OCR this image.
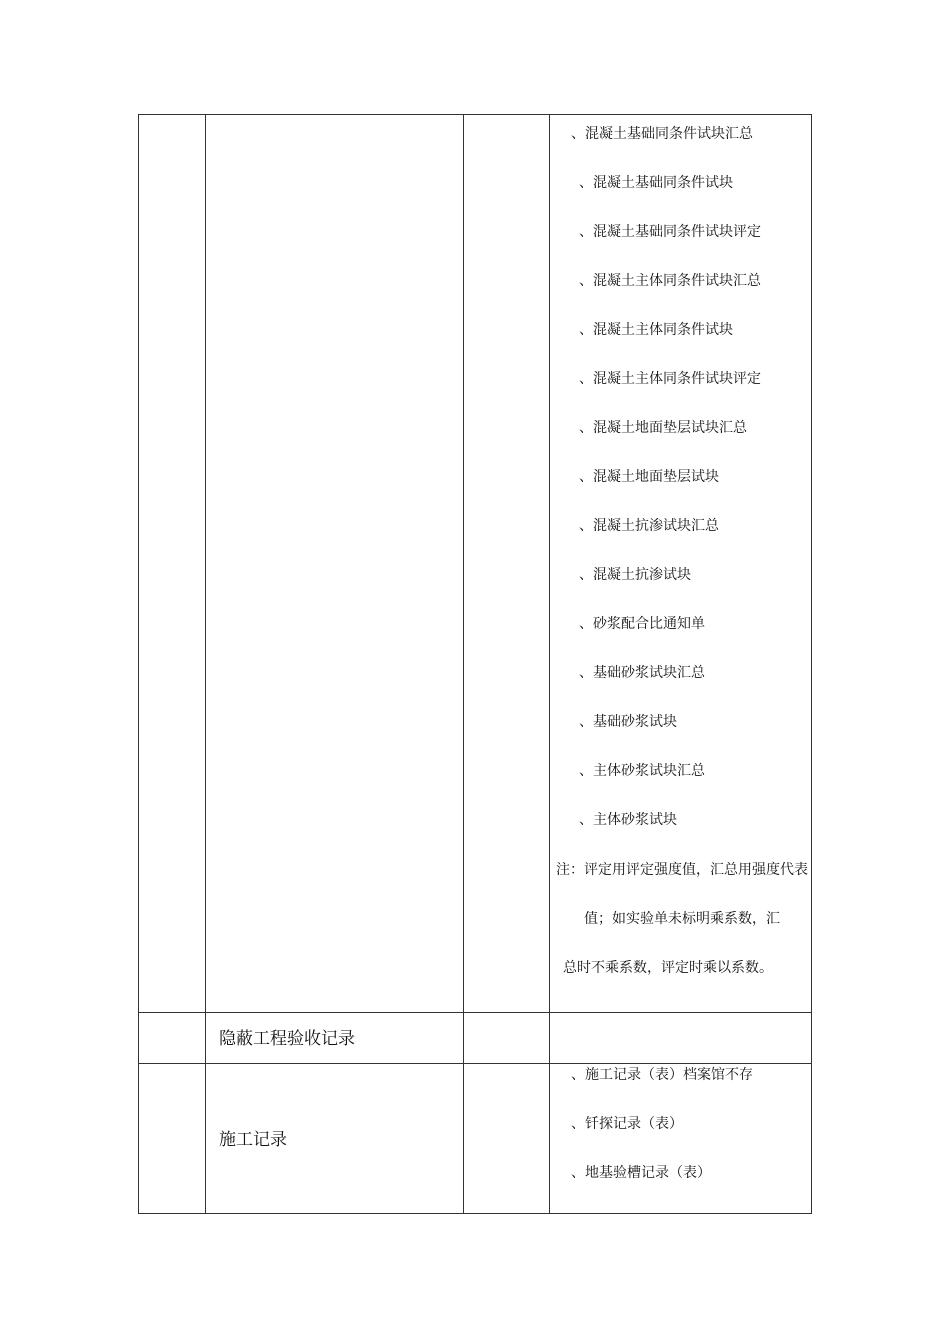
、混凝土基础同条件试块汇总
、混凝土基础同条件试块
、混凝土基础同条件试块评定
、混凝土主体同条件试块汇总
、混凝土主体同条件试块
、混凝土主体同条件试块评定
、混凝土地面垫层试块汇总
、混凝土地面垫层试块
、混凝土抗渗试块汇总
、混凝土抗渗试块
、砂浆配合比通知单
、基础砂浆试块汇总
、基础砂浆试块
、主体砂浆试块汇总
、主体砂浆试块
注：评定用评定强度值，汇总用强度代表
值；如实验单未标明乘系数，汇
总时不乘系数，评定时乘以系数。
隐蔽工程验收记录
施工记录
、施工记录（表）档案馆不存
、钎探记录（表）
、地基验槽记录（表）
